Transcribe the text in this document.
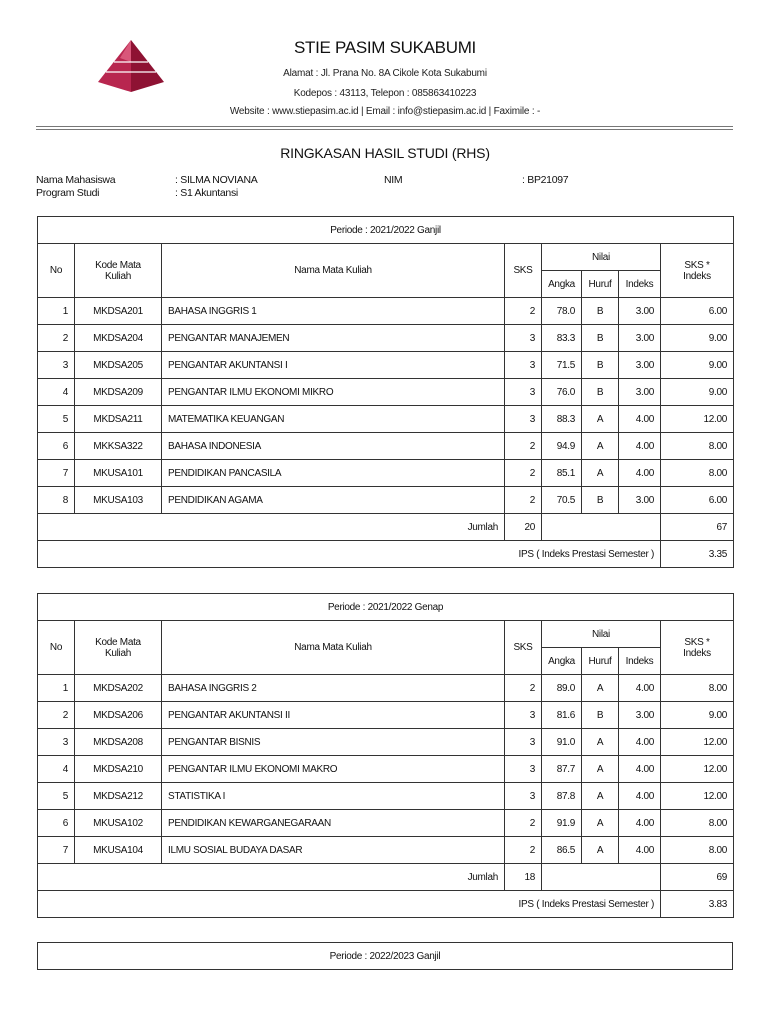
STIE PASIM SUKABUMI
Alamat : Jl. Prana No. 8A Cikole Kota Sukabumi
Kodepos : 43113, Telepon : 085863410223
Website : www.stiepasim.ac.id | Email : info@stiepasim.ac.id | Faximile : -
RINGKASAN HASIL STUDI (RHS)
Nama Mahasiswa	: SILMA NOVIANA
Program Studi	: S1 Akuntansi
NIM	: BP21097
Periode : 2021/2022 Ganjil							
No	Kode Mata Kuliah	Nama Mata Kuliah	SKS	Nilai			SKS *
Indeks

				Angka	Huruf	Indeks	
1	MKDSA201	BAHASA INGGRIS 1	2	78.0	B	3.00	6.00
2	MKDSA204	PENGANTAR MANAJEMEN	3	83.3	B	3.00	9.00
3	MKDSA205	PENGANTAR AKUNTANSI I	3	71.5	B	3.00	9.00
4	MKDSA209	PENGANTAR ILMU EKONOMI MIKRO	3	76.0	B	3.00	9.00
5	MKDSA211	MATEMATIKA KEUANGAN	3	88.3	A	4.00	12.00
6	MKKSA322	BAHASA INDONESIA	2	94.9	A	4.00	8.00
7	MKUSA101	PENDIDIKAN PANCASILA	2	85.1	A	4.00	8.00
8	MKUSA103	PENDIDIKAN AGAMA	2	70.5	B	3.00	6.00
Jumlah			20				67
IPS ( Indeks Prestasi Semester )							3.35
Periode : 2021/2022 Genap							
No	Kode Mata Kuliah	Nama Mata Kuliah	SKS	Nilai			SKS *
Indeks

				Angka	Huruf	Indeks	
1	MKDSA202	BAHASA INGGRIS 2	2	89.0	A	4.00	8.00
2	MKDSA206	PENGANTAR AKUNTANSI II	3	81.6	B	3.00	9.00
3	MKDSA208	PENGANTAR BISNIS	3	91.0	A	4.00	12.00
4	MKDSA210	PENGANTAR ILMU EKONOMI MAKRO	3	87.7	A	4.00	12.00
5	MKDSA212	STATISTIKA I	3	87.8	A	4.00	12.00
6	MKUSA102	PENDIDIKAN KEWARGANEGARAAN	2	91.9	A	4.00	8.00
7	MKUSA104	ILMU SOSIAL BUDAYA DASAR	2	86.5	A	4.00	8.00
Jumlah			18				69
IPS ( Indeks Prestasi Semester )							3.83
Periode : 2022/2023 Ganjil
